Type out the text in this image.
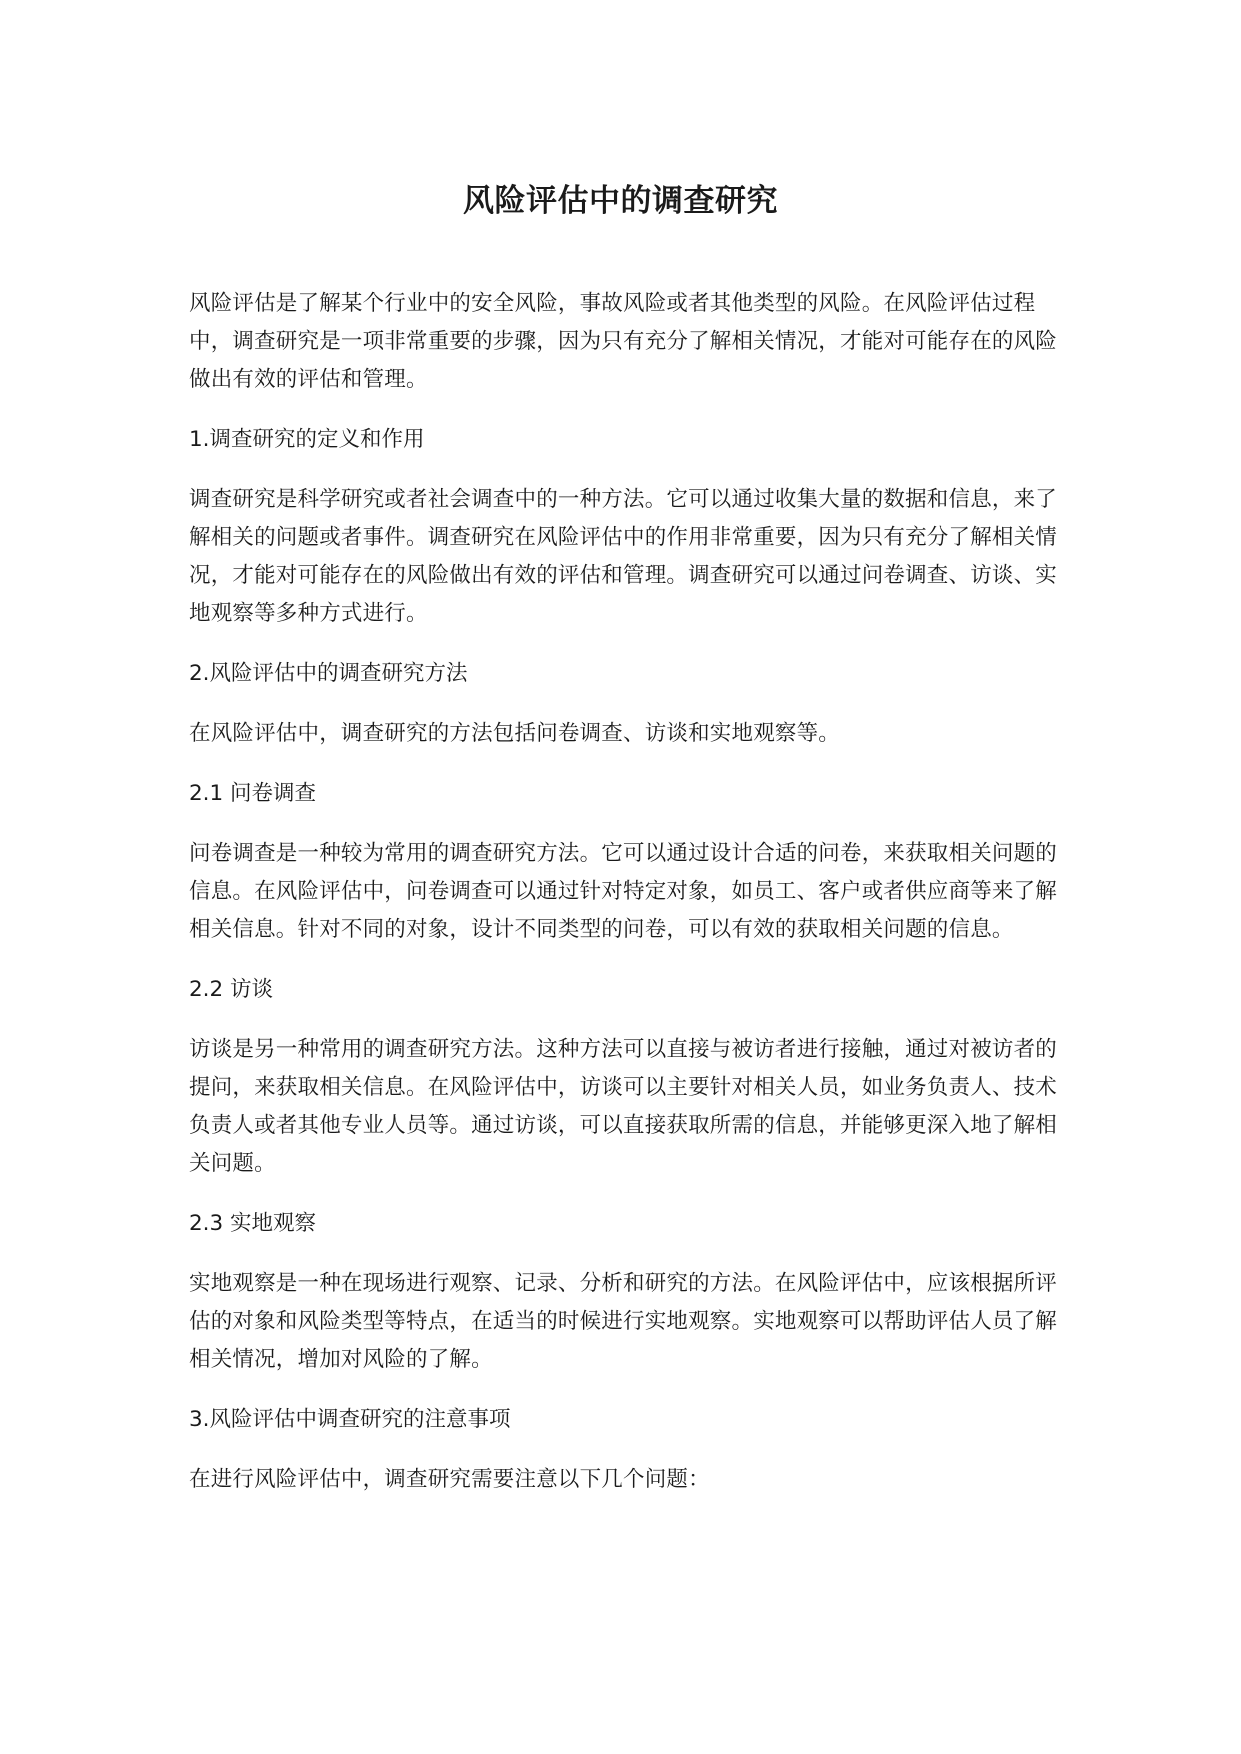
风险评估中的调查研究

风险评估是了解某个行业中的安全风险，事故风险或者其他类型的风险。在风险评估过程中，调查研究是一项非常重要的步骤，因为只有充分了解相关情况，才能对可能存在的风险做出有效的评估和管理。

1.调查研究的定义和作用

调查研究是科学研究或者社会调查中的一种方法。它可以通过收集大量的数据和信息，来了解相关的问题或者事件。调查研究在风险评估中的作用非常重要，因为只有充分了解相关情况，才能对可能存在的风险做出有效的评估和管理。调查研究可以通过问卷调查、访谈、实地观察等多种方式进行。

2.风险评估中的调查研究方法

在风险评估中，调查研究的方法包括问卷调查、访谈和实地观察等。

2.1 问卷调查

问卷调查是一种较为常用的调查研究方法。它可以通过设计合适的问卷，来获取相关问题的信息。在风险评估中，问卷调查可以通过针对特定对象，如员工、客户或者供应商等来了解相关信息。针对不同的对象，设计不同类型的问卷，可以有效的获取相关问题的信息。

2.2 访谈

访谈是另一种常用的调查研究方法。这种方法可以直接与被访者进行接触，通过对被访者的提问，来获取相关信息。在风险评估中，访谈可以主要针对相关人员，如业务负责人、技术负责人或者其他专业人员等。通过访谈，可以直接获取所需的信息，并能够更深入地了解相关问题。

2.3 实地观察

实地观察是一种在现场进行观察、记录、分析和研究的方法。在风险评估中，应该根据所评估的对象和风险类型等特点，在适当的时候进行实地观察。实地观察可以帮助评估人员了解相关情况，增加对风险的了解。

3.风险评估中调查研究的注意事项

在进行风险评估中，调查研究需要注意以下几个问题：
